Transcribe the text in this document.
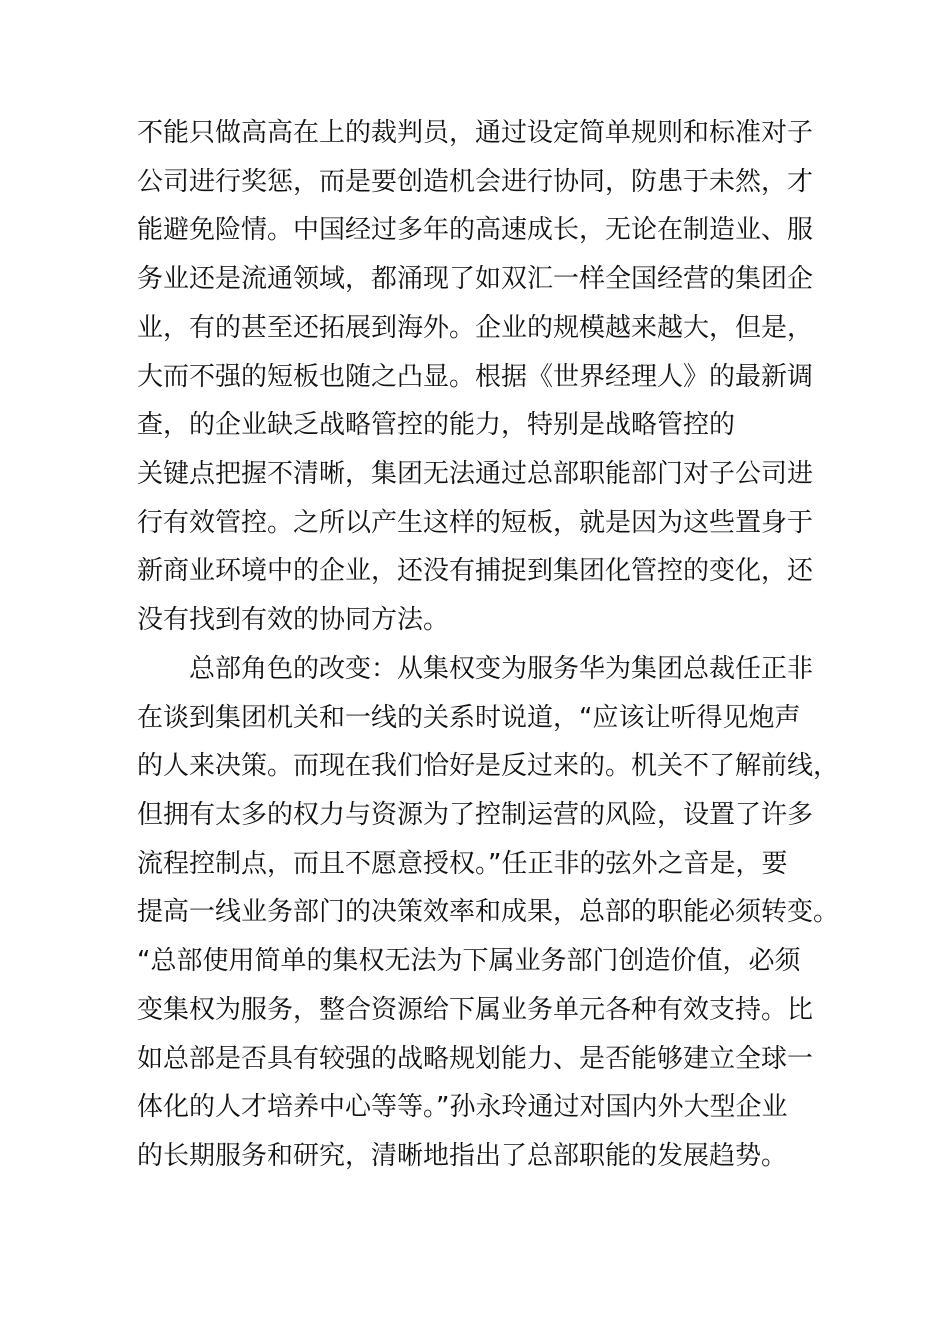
不能只做高高在上的裁判员，通过设定简单规则和标准对子
公司进行奖惩，而是要创造机会进行协同，防患于未然，才
能避免险情。中国经过多年的高速成长，无论在制造业、服
务业还是流通领域，都涌现了如双汇一样全国经营的集团企
业，有的甚至还拓展到海外。企业的规模越来越大，但是，
大而不强的短板也随之凸显。根据《世界经理人》的最新调
查，的企业缺乏战略管控的能力，特别是战略管控的
关键点把握不清晰，集团无法通过总部职能部门对子公司进
行有效管控。之所以产生这样的短板，就是因为这些置身于
新商业环境中的企业，还没有捕捉到集团化管控的变化，还
没有找到有效的协同方法。
总部角色的改变：从集权变为服务华为集团总裁任正非
在谈到集团机关和一线的关系时说道，“应该让听得见炮声
的人来决策。而现在我们恰好是反过来的。机关不了解前线，
但拥有太多的权力与资源为了控制运营的风险，设置了许多
流程控制点，而且不愿意授权。”任正非的弦外之音是，要
提高一线业务部门的决策效率和成果，总部的职能必须转变。
“总部使用简单的集权无法为下属业务部门创造价值，必须
变集权为服务，整合资源给下属业务单元各种有效支持。比
如总部是否具有较强的战略规划能力、是否能够建立全球一
体化的人才培养中心等等。”孙永玲通过对国内外大型企业
的长期服务和研究，清晰地指出了总部职能的发展趋势。
